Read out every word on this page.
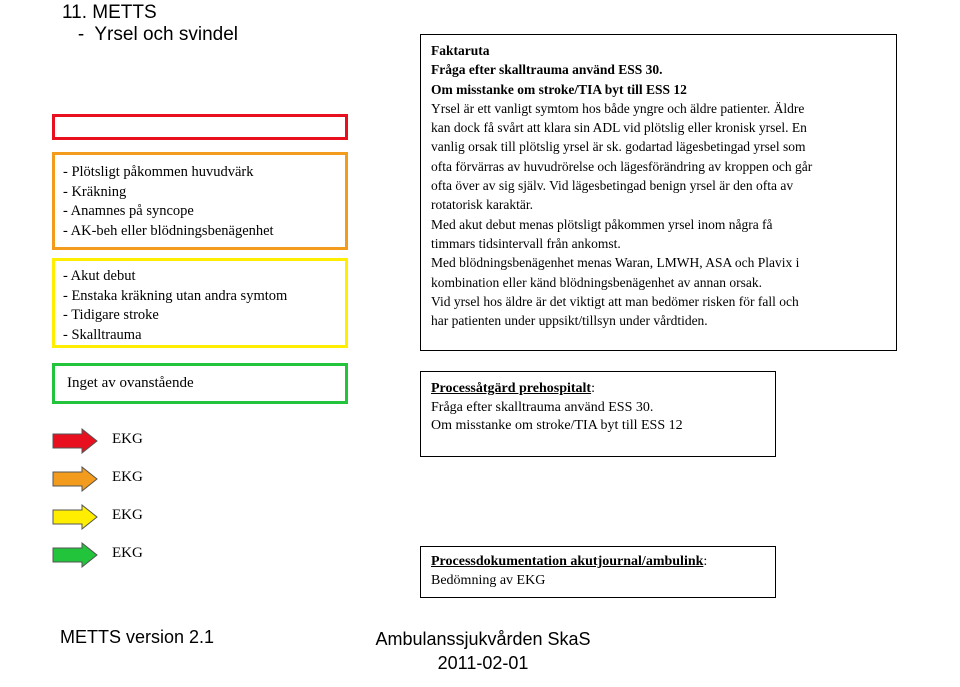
11. METTS
-  Yrsel och svindel
- Plötsligt påkommen huvudvärk
- Kräkning
- Anamnes på syncope
- AK-beh eller blödningsbenägenhet
- Akut debut
- Enstaka kräkning utan andra symtom
- Tidigare stroke
- Skalltrauma
Inget av ovanstående
EKG
EKG
EKG
EKG
Faktaruta
Fråga efter skalltrauma använd ESS 30.
Om misstanke om stroke/TIA byt till ESS 12
Yrsel är ett vanligt symtom hos både yngre och äldre patienter. Äldre
kan dock få svårt att klara sin ADL vid plötslig eller kronisk yrsel. En
vanlig orsak till plötslig yrsel är sk. godartad lägesbetingad yrsel som
ofta förvärras av huvudrörelse och lägesförändring av kroppen och går
ofta över av sig själv. Vid lägesbetingad benign yrsel är den ofta av
rotatorisk karaktär.
Med akut debut menas plötsligt påkommen yrsel inom några få
timmars tidsintervall från ankomst.
Med blödningsbenägenhet menas Waran, LMWH, ASA och Plavix i
kombination eller känd blödningsbenägenhet av annan orsak.
Vid yrsel hos äldre är det viktigt att man bedömer risken för fall och
har patienten under uppsikt/tillsyn under vårdtiden.
Processåtgärd prehospitalt:
Fråga efter skalltrauma använd ESS 30.
Om misstanke om stroke/TIA byt till ESS 12
Processdokumentation akutjournal/ambulink:
Bedömning av EKG
METTS version 2.1	Ambulanssjukvården SkaS
2011-02-01
